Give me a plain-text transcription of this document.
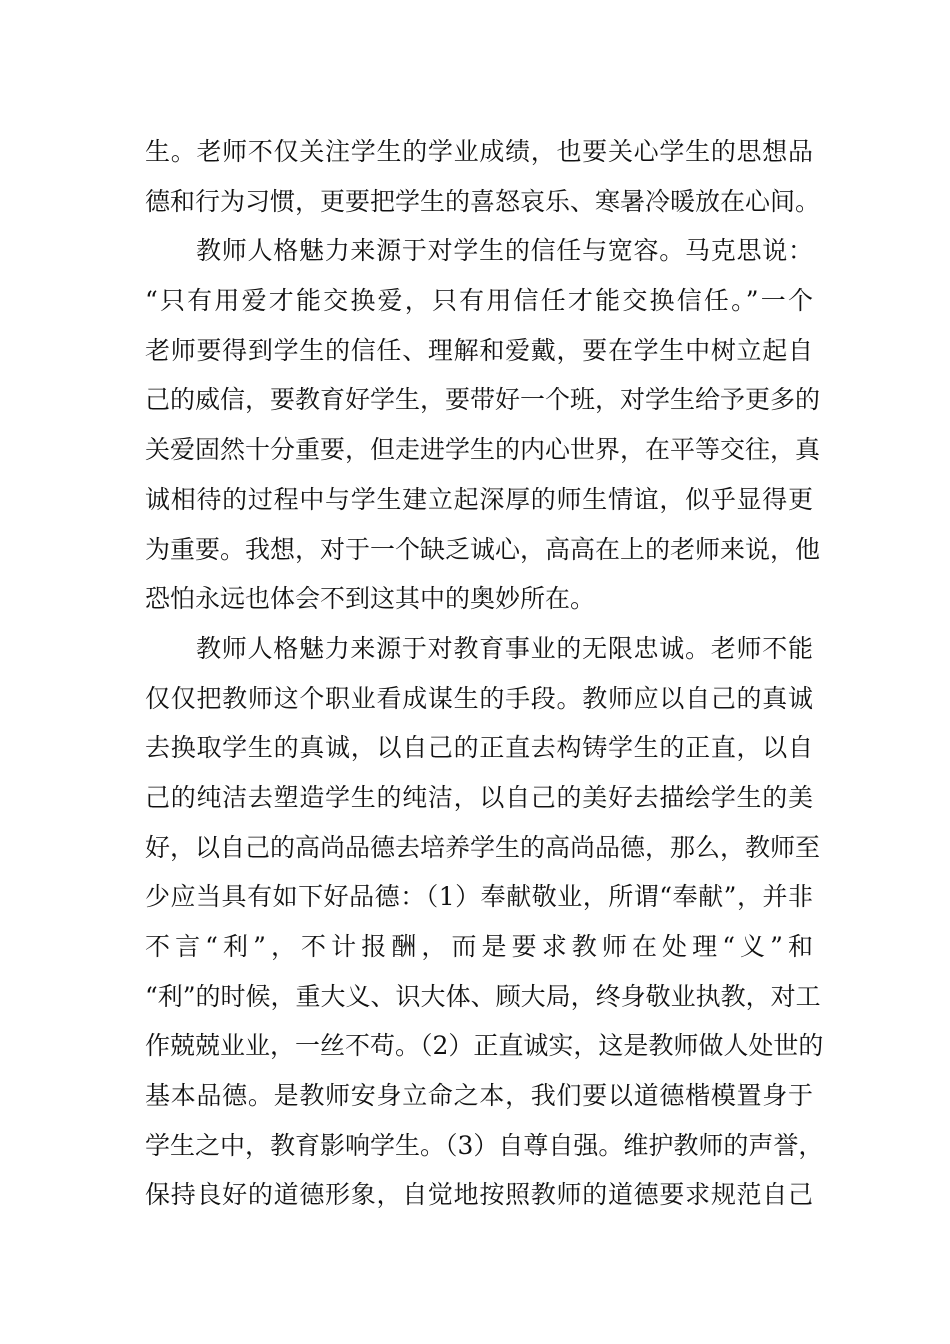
生。老师不仅关注学生的学业成绩，也要关心学生的思想品
德和行为习惯，更要把学生的喜怒哀乐、寒暑冷暖放在心间。
教师人格魅力来源于对学生的信任与宽容。马克思说：
“只有用爱才能交换爱，只有用信任才能交换信任。”一个
老师要得到学生的信任、理解和爱戴，要在学生中树立起自
己的威信，要教育好学生，要带好一个班，对学生给予更多的
关爱固然十分重要，但走进学生的内心世界，在平等交往，真
诚相待的过程中与学生建立起深厚的师生情谊，似乎显得更
为重要。我想，对于一个缺乏诚心，高高在上的老师来说，他
恐怕永远也体会不到这其中的奥妙所在。
教师人格魅力来源于对教育事业的无限忠诚。老师不能
仅仅把教师这个职业看成谋生的手段。教师应以自己的真诚
去换取学生的真诚，以自己的正直去构铸学生的正直，以自
己的纯洁去塑造学生的纯洁，以自己的美好去描绘学生的美
好，以自己的高尚品德去培养学生的高尚品德，那么，教师至
少应当具有如下好品德：（1）奉献敬业，所谓“奉献”，并非
不言“利”，不计报酬，而是要求教师在处理“义”和
“利”的时候，重大义、识大体、顾大局，终身敬业执教，对工
作兢兢业业，一丝不苟。（2）正直诚实，这是教师做人处世的
基本品德。是教师安身立命之本，我们要以道德楷模置身于
学生之中，教育影响学生。（3）自尊自强。维护教师的声誉，
保持良好的道德形象，自觉地按照教师的道德要求规范自己
